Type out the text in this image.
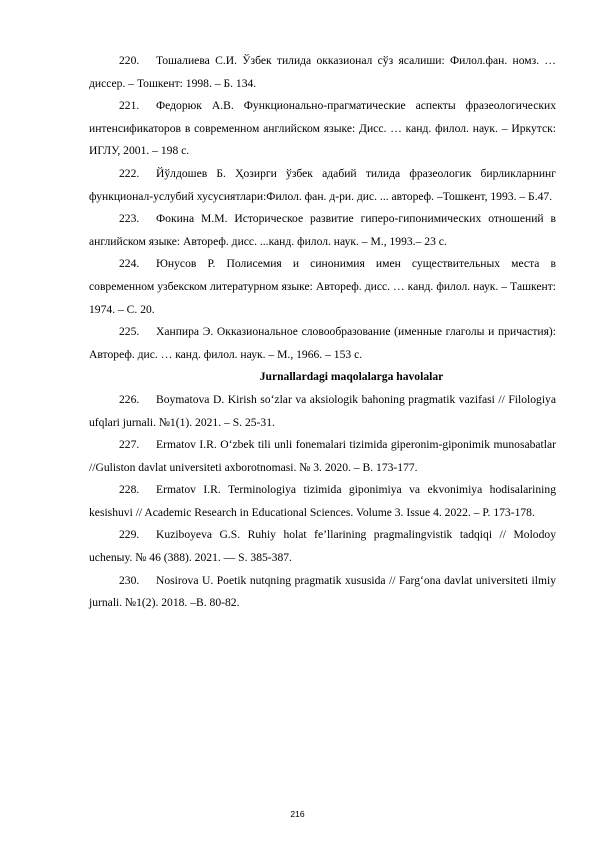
220. Тошалиева С.И. Ўзбек тилида окказионал сўз ясалиши: Филол.фан. номз. … диссер. – Тошкент: 1998. – Б. 134.

221. Федорюк А.В. Функционально-прагматические аспекты фразеологических интенсификаторов в современном английском языке: Дисс. … канд. филол. наук. – Иркутск: ИГЛУ, 2001. – 198 с.

222. Йўлдошев Б. Ҳозирги ўзбек адабий тилида фразеологик бирликларнинг функционал-услубий хусусиятлари:Филол. фан. д-ри. дис. ... автореф. –Тошкент, 1993. – Б.47.

223. Фокина М.М. Историческое развитие гиперо-гипонимических отношений в английском языке: Автореф. дисс. ...канд. филол. наук. – М., 1993.– 23 с.

224. Юнусов Р. Полисемия и синонимия имен существительных места в современном узбекском литературном языке: Автореф. дисс. … канд. филол. наук. – Ташкент: 1974. – С. 20.

225. Ханпира Э. Окказиональное словообразование (именные глаголы и причастия): Автореф. дис. … канд. филол. наук. – М., 1966. – 153 с.

Jurnallardagi maqolalarga havolalar

226. Boymatova D. Kirish so‘zlar va aksiologik bahoning pragmatik vazifasi // Filologiya ufqlari jurnali. №1(1). 2021. – S. 25-31.

227. Ermatov I.R. O‘zbek tili unli fonemalari tizimida giperonim-giponimik munosabatlar //Guliston davlat universiteti axborotnomasi. № 3. 2020. – B. 173-177.

228. Ermatov I.R. Terminologiya tizimida giponimiya va ekvonimiya hodisalarining kesishuvi // Academic Research in Educational Sciences. Volume 3. Issue 4. 2022. – P. 173-178.

229. Kuziboyeva G.S. Ruhiy holat fe’llarining pragmalingvistik tadqiqi // Molodoy uchenыy. № 46 (388). 2021. — S. 385-387.

230. Nosirova U. Poetik nutqning pragmatik xususida // Farg‘ona davlat universiteti ilmiy jurnali. №1(2). 2018. –B. 80-82.

216
